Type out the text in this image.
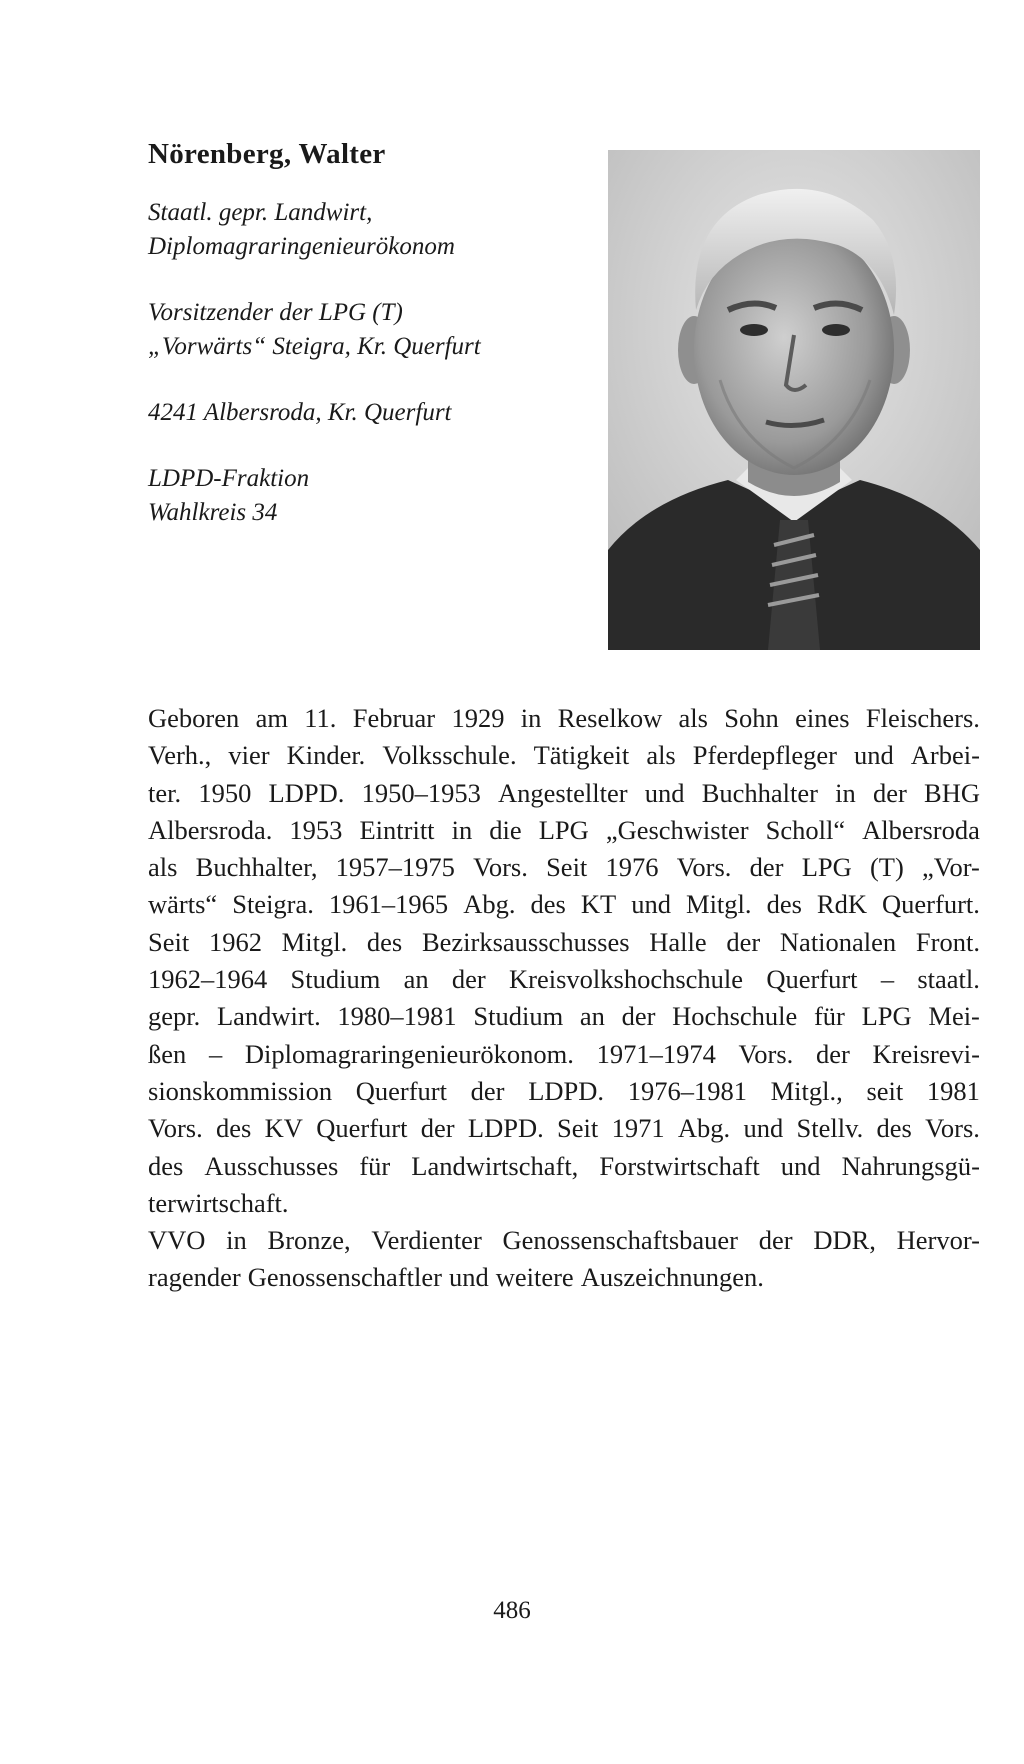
Nörenberg, Walter
Staatl. gepr. Landwirt,
Diplomagraringenieurökonom
Vorsitzender der LPG (T)
„Vorwärts“ Steigra, Kr. Querfurt
4241 Albersroda, Kr. Querfurt
LDPD-Fraktion
Wahlkreis 34
Geboren am 11. Februar 1929 in Reselkow als Sohn eines Fleischers.
Verh., vier Kinder. Volksschule. Tätigkeit als Pferdepfleger und Arbei-
ter. 1950 LDPD. 1950–1953 Angestellter und Buchhalter in der BHG
Albersroda. 1953 Eintritt in die LPG „Geschwister Scholl“ Albersroda
als Buchhalter, 1957–1975 Vors. Seit 1976 Vors. der LPG (T) „Vor-
wärts“ Steigra. 1961–1965 Abg. des KT und Mitgl. des RdK Querfurt.
Seit 1962 Mitgl. des Bezirksausschusses Halle der Nationalen Front.
1962–1964 Studium an der Kreisvolkshochschule Querfurt – staatl.
gepr. Landwirt. 1980–1981 Studium an der Hochschule für LPG Mei-
ßen – Diplomagraringenieurökonom. 1971–1974 Vors. der Kreisrevi-
sionskommission Querfurt der LDPD. 1976–1981 Mitgl., seit 1981
Vors. des KV Querfurt der LDPD. Seit 1971 Abg. und Stellv. des Vors.
des Ausschusses für Landwirtschaft, Forstwirtschaft und Nahrungsgü-
terwirtschaft.
VVO in Bronze, Verdienter Genossenschaftsbauer der DDR, Hervor-
ragender Genossenschaftler und weitere Auszeichnungen.
486
